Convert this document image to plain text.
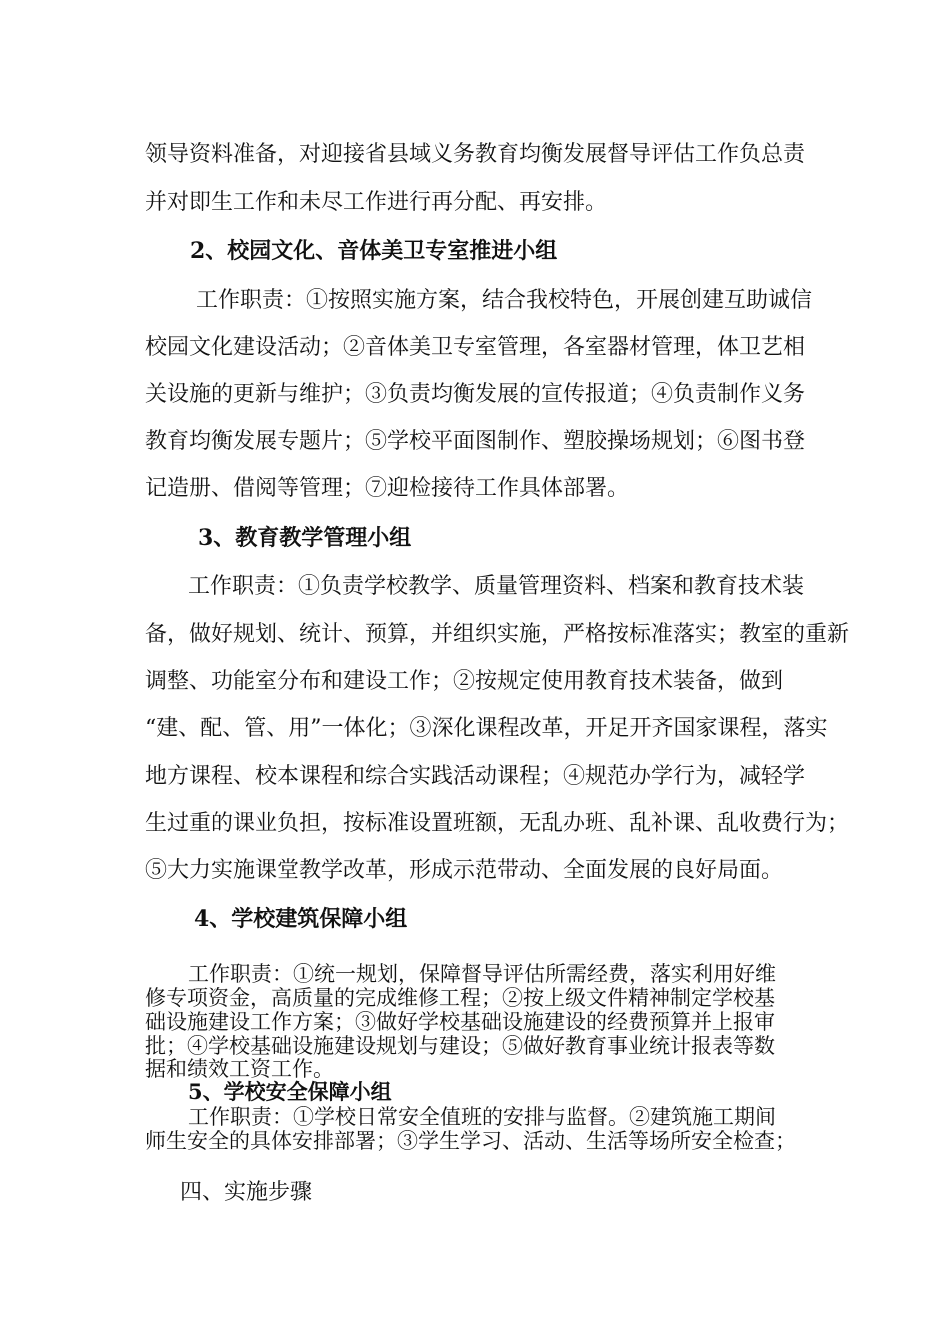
领导资料准备，对迎接省县域义务教育均衡发展督导评估工作负总责
并对即生工作和未尽工作进行再分配、再安排。
2、校园文化、音体美卫专室推进小组
工作职责：①按照实施方案，结合我校特色，开展创建互助诚信
校园文化建设活动；②音体美卫专室管理，各室器材管理，体卫艺相
关设施的更新与维护；③负责均衡发展的宣传报道；④负责制作义务
教育均衡发展专题片；⑤学校平面图制作、塑胶操场规划；⑥图书登
记造册、借阅等管理；⑦迎检接待工作具体部署。
3、教育教学管理小组
工作职责：①负责学校教学、质量管理资料、档案和教育技术装
备，做好规划、统计、预算，并组织实施，严格按标准落实；教室的重新
调整、功能室分布和建设工作；②按规定使用教育技术装备，做到
“建、配、管、用”一体化；③深化课程改革，开足开齐国家课程，落实
地方课程、校本课程和综合实践活动课程；④规范办学行为，减轻学
生过重的课业负担，按标准设置班额，无乱办班、乱补课、乱收费行为；
⑤大力实施课堂教学改革，形成示范带动、全面发展的良好局面。
4、学校建筑保障小组
工作职责：①统一规划，保障督导评估所需经费，落实利用好维
修专项资金，高质量的完成维修工程；②按上级文件精神制定学校基
础设施建设工作方案；③做好学校基础设施建设的经费预算并上报审
批；④学校基础设施建设规划与建设；⑤做好教育事业统计报表等数
据和绩效工资工作。
5、学校安全保障小组
工作职责：①学校日常安全值班的安排与监督。②建筑施工期间
师生安全的具体安排部署；③学生学习、活动、生活等场所安全检查；
四、实施步骤
